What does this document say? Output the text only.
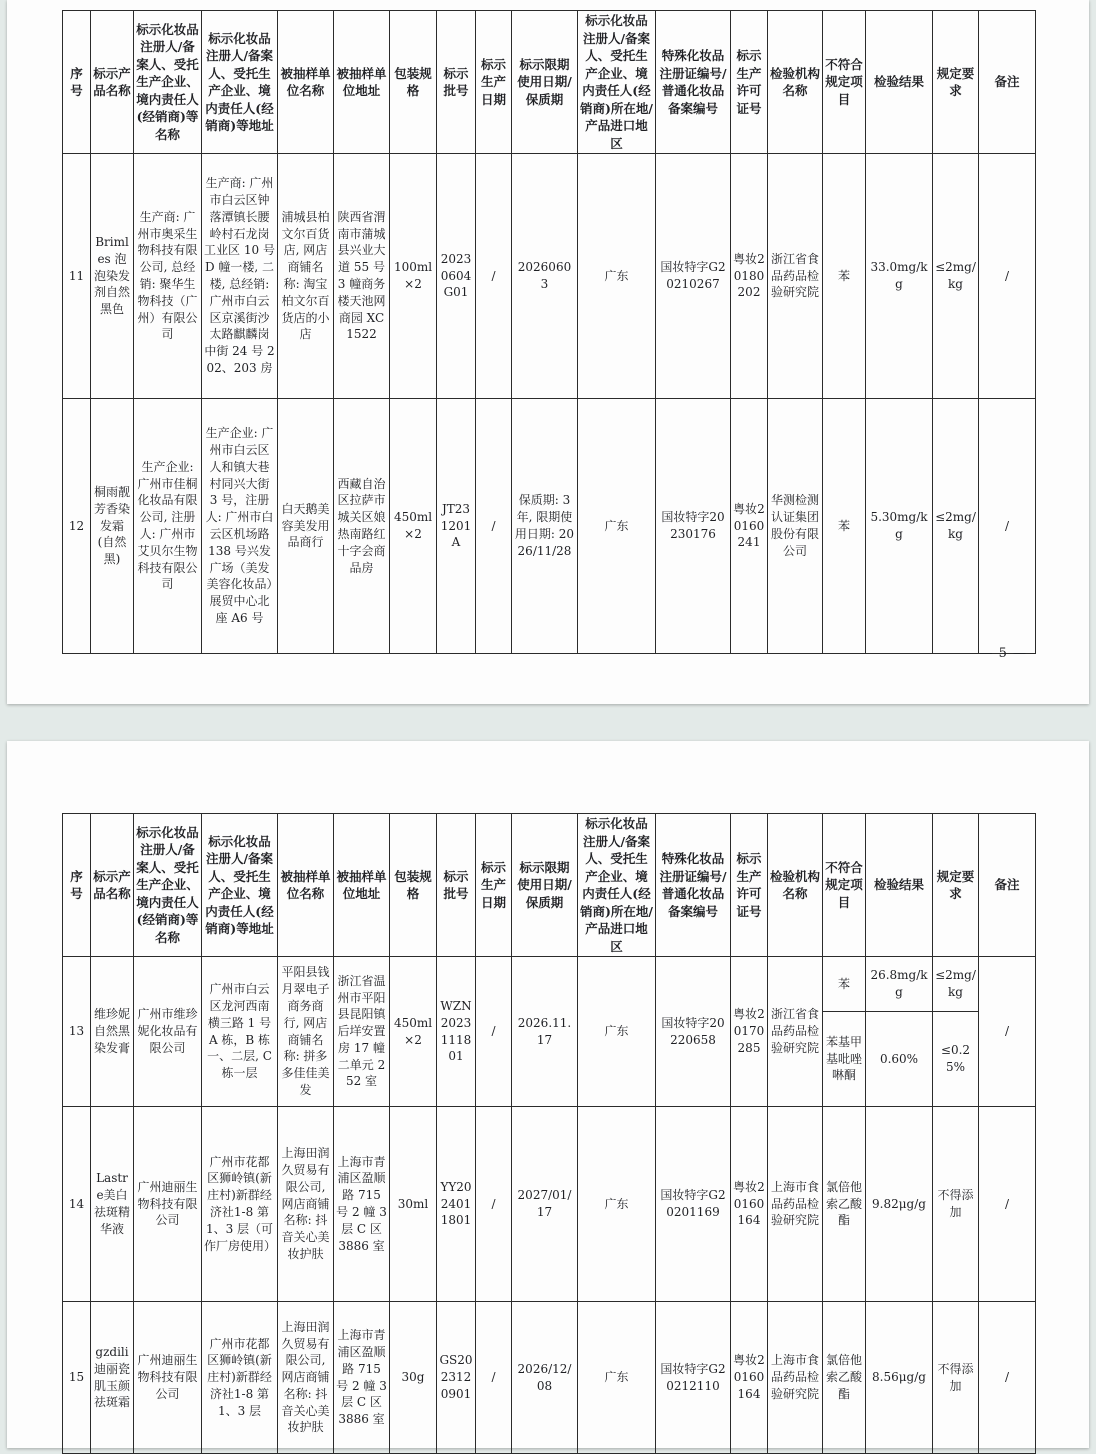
序号	标示产品名称	标示化妆品注册人/备案人、受托生产企业、境内责任人(经销商)等名称	标示化妆品注册人/备案人、受托生产企业、境内责任人(经销商)等地址	被抽样单位名称	被抽样单位地址	包装规格	标示批号	标示生产日期	标示限期使用日期/保质期	标示化妆品注册人/备案人、受托生产企业、境内责任人(经销商)所在地/产品进口地区	特殊化妆品注册证编号/普通化妆品备案编号	标示生产许可证号	检验机构名称	不符合规定项目	检验结果	规定要求	备注
11	Brimles 泡泡染发剂自然黑色	生产商: 广州市奥采生物科技有限公司, 总经销: 聚华生物科技（广州）有限公司	生产商: 广州市白云区钟落潭镇长腰岭村石龙岗工业区 10 号 D 幢一楼, 二楼, 总经销: 广州市白云区京溪街沙太路麒麟岗中街 24 号 202、203 房	浦城县柏文尔百货店, 网店商铺名称: 淘宝柏文尔百货店的小店	陕西省渭南市蒲城县兴业大道 55 号 3 幢商务楼天池网商园 XC1522	100ml×2	20230604G01	/	20260603	广东	国妆特字G20210267	粤妆20180202	浙江省食品药品检验研究院	苯	33.0mg/kg	≤2mg/kg	/
12	桐雨靓芳香染发霜(自然黑)	生产企业: 广州市佳桐化妆品有限公司, 注册人: 广州市艾贝尔生物科技有限公司	生产企业: 广州市白云区人和镇大巷村同兴大街 3 号，注册人: 广州市白云区机场路 138 号兴发广场（美发美容化妆品）展贸中心北座 A6 号	白天鹅美容美发用品商行	西藏自治区拉萨市城关区娘热南路红十字会商品房	450ml×2	JT231201A	/	保质期: 3年, 限期使用日期: 2026/11/28	广东	国妆特字20230176	粤妆20160241	华测检测认证集团股份有限公司	苯	5.30mg/kg	≤2mg/kg	/
— 5 —
序号	标示产品名称	标示化妆品注册人/备案人、受托生产企业、境内责任人(经销商)等名称	标示化妆品注册人/备案人、受托生产企业、境内责任人(经销商)等地址	被抽样单位名称	被抽样单位地址	包装规格	标示批号	标示生产日期	标示限期使用日期/保质期	标示化妆品注册人/备案人、受托生产企业、境内责任人(经销商)所在地/产品进口地区	特殊化妆品注册证编号/普通化妆品备案编号	标示生产许可证号	检验机构名称	不符合规定项目	检验结果	规定要求	备注
13	维珍妮自然黑染发膏	广州市维珍妮化妆品有限公司	广州市白云区龙河西南横三路 1 号 A 栋，B 栋一、二层, C 栋一层	平阳县钱月翠电子商务商行, 网店商铺名称: 拼多多佳佳美发	浙江省温州市平阳县昆阳镇后垟安置房 17 幢二单元 252 室	450ml×2	WZN2023111801	/	2026.11.17	广东	国妆特字20220658	粤妆20170285	浙江省食品药品检验研究院	苯	26.8mg/kg	≤2mg/kg	/
														苯基甲基吡唑啉酮	0.60%	≤0.25%	
14	Lastre美白祛斑精华液	广州迪丽生物科技有限公司	广州市花都区狮岭镇(新庄村)新群经济社1-8 第 1、3 层（可作厂房使用）	上海田润久贸易有限公司, 网店商铺名称: 抖音关心美妆护肤	上海市青浦区盈顺路 715 号 2 幢 3 层 C 区 3886 室	30ml	YY2024011801	/	2027/01/17	广东	国妆特字G20201169	粤妆20160164	上海市食品药品检验研究院	氯倍他索乙酸酯	9.82μg/g	不得添加	/
15	gzdili迪丽瓷肌玉颜祛斑霜	广州迪丽生物科技有限公司	广州市花都区狮岭镇(新庄村)新群经济社1-8 第 1、3 层	上海田润久贸易有限公司, 网店商铺名称: 抖音关心美妆护肤	上海市青浦区盈顺路 715 号 2 幢 3 层 C 区 3886 室	30g	GS2023120901	/	2026/12/08	广东	国妆特字G20212110	粤妆20160164	上海市食品药品检验研究院	氯倍他索乙酸酯	8.56μg/g	不得添加	/
